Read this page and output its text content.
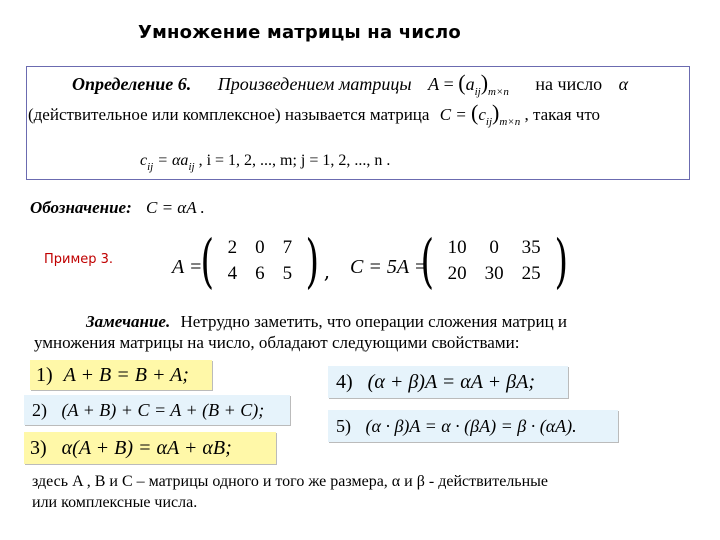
Умножение матрицы на число
Определение 6. Произведением матрицы $A = (a_{ij})_{m\times n}$ на число α
(действительное или комплексное) называется матрица $C = (c_{ij})_{m\times n}$ , такая что
$c_{ij} = \alpha a_{ij}$ , i = 1, 2, ..., m; j = 1, 2, ..., n .
Обозначение: C = αA .
Пример 3.	A =
( 2	0	7
4	6	5 ) , C = 5A =
( 10	0	35
20	30	25 )
Замечание. Нетрудно заметить, что операции сложения матриц и
умножения матрицы на число, обладают следующими свойствами:
1) A + B = B + A;
2) (A + B) + C = A + (B + C);
3) α(A + B) = αA + αB;
4) (α + β)A = αA + βA;
5) (α · β)A = α · (βA) = β · (αA).
здесь A , B и C – матрицы одного и того же размера, α и β - действительные
или комплексные числа.
